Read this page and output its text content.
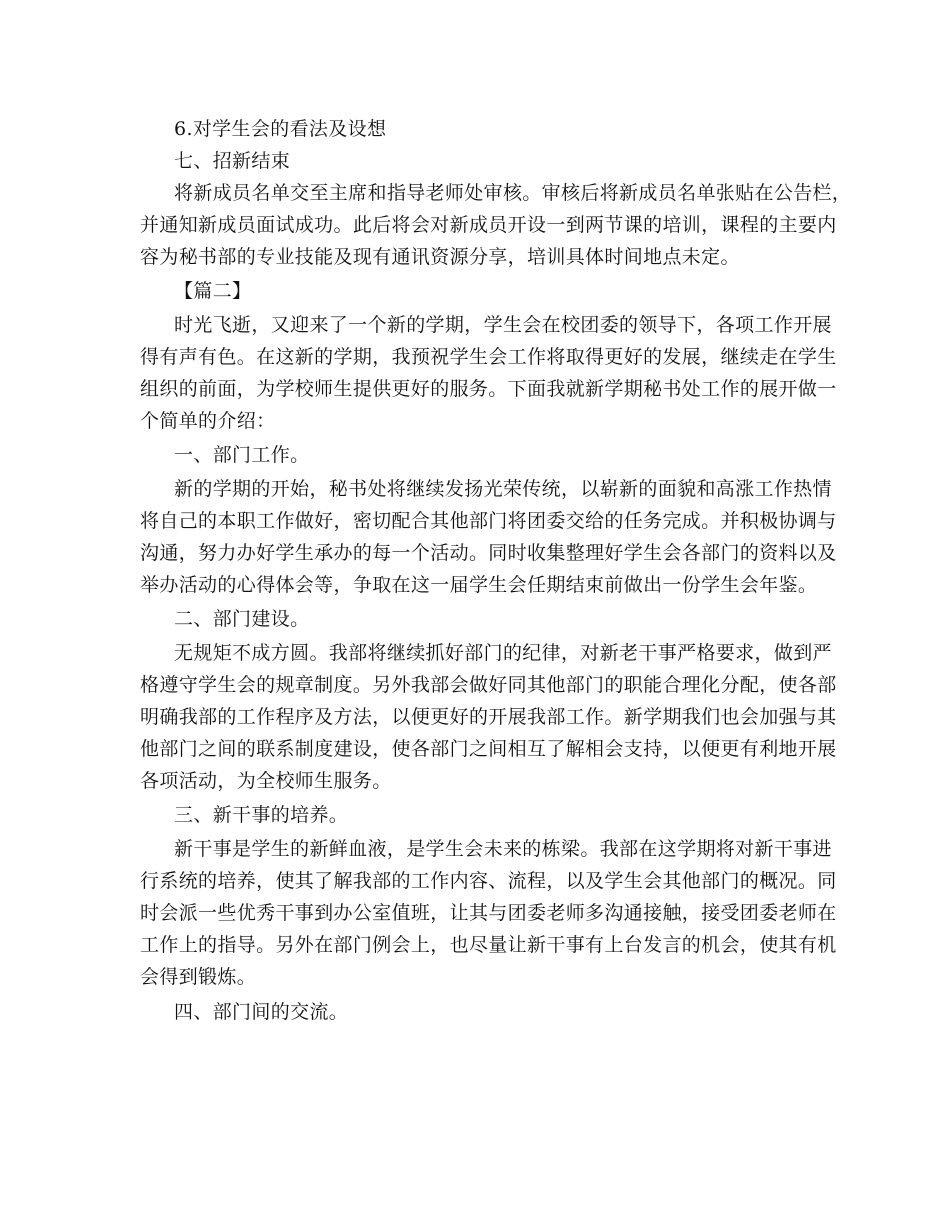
6.对学生会的看法及设想

七、招新结束

将新成员名单交至主席和指导老师处审核。审核后将新成员名单张贴在公告栏，

并通知新成员面试成功。此后将会对新成员开设一到两节课的培训，课程的主要内

容为秘书部的专业技能及现有通讯资源分享，培训具体时间地点未定。

【篇二】

时光飞逝，又迎来了一个新的学期，学生会在校团委的领导下，各项工作开展

得有声有色。在这新的学期，我预祝学生会工作将取得更好的发展，继续走在学生

组织的前面，为学校师生提供更好的服务。下面我就新学期秘书处工作的展开做一

个简单的介绍：

一、部门工作。

新的学期的开始，秘书处将继续发扬光荣传统，以崭新的面貌和高涨工作热情

将自己的本职工作做好，密切配合其他部门将团委交给的任务完成。并积极协调与

沟通，努力办好学生承办的每一个活动。同时收集整理好学生会各部门的资料以及

举办活动的心得体会等，争取在这一届学生会任期结束前做出一份学生会年鉴。

二、部门建设。

无规矩不成方圆。我部将继续抓好部门的纪律，对新老干事严格要求，做到严

格遵守学生会的规章制度。另外我部会做好同其他部门的职能合理化分配，使各部

明确我部的工作程序及方法，以便更好的开展我部工作。新学期我们也会加强与其

他部门之间的联系制度建设，使各部门之间相互了解相会支持，以便更有利地开展

各项活动，为全校师生服务。

三、新干事的培养。

新干事是学生的新鲜血液，是学生会未来的栋梁。我部在这学期将对新干事进

行系统的培养，使其了解我部的工作内容、流程，以及学生会其他部门的概况。同

时会派一些优秀干事到办公室值班，让其与团委老师多沟通接触，接受团委老师在

工作上的指导。另外在部门例会上，也尽量让新干事有上台发言的机会，使其有机

会得到锻炼。

四、部门间的交流。
